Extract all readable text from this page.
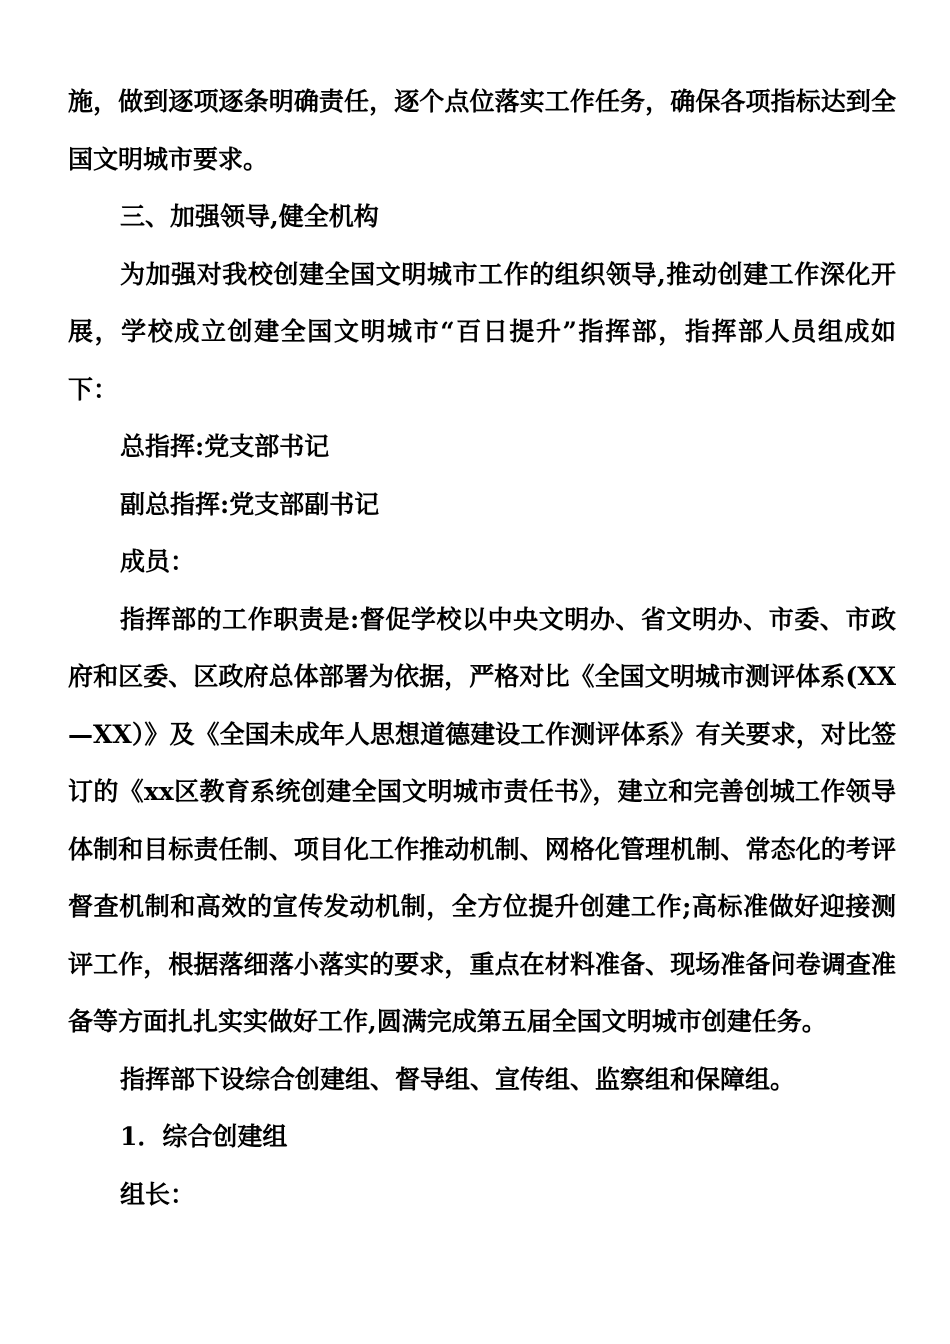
施，做到逐项逐条明确责任，逐个点位落实工作任务，确保各项指标达到全国文明城市要求。

三、加强领导,健全机构

为加强对我校创建全国文明城市工作的组织领导,推动创建工作深化开展，学校成立创建全国文明城市“百日提升”指挥部，指挥部人员组成如下：

总指挥:党支部书记

副总指挥:党支部副书记

成员：

指挥部的工作职责是:督促学校以中央文明办、省文明办、市委、市政府和区委、区政府总体部署为依据，严格对比《全国文明城市测评体系(XX—XX）》及《全国未成年人思想道德建设工作测评体系》有关要求，对比签订的《xx区教育系统创建全国文明城市责任书》，建立和完善创城工作领导体制和目标责任制、项目化工作推动机制、网格化管理机制、常态化的考评督查机制和高效的宣传发动机制，全方位提升创建工作;高标准做好迎接测评工作，根据落细落小落实的要求，重点在材料准备、现场准备问卷调查准备等方面扎扎实实做好工作,圆满完成第五届全国文明城市创建任务。

指挥部下设综合创建组、督导组、宣传组、监察组和保障组。

1．综合创建组

组长：
